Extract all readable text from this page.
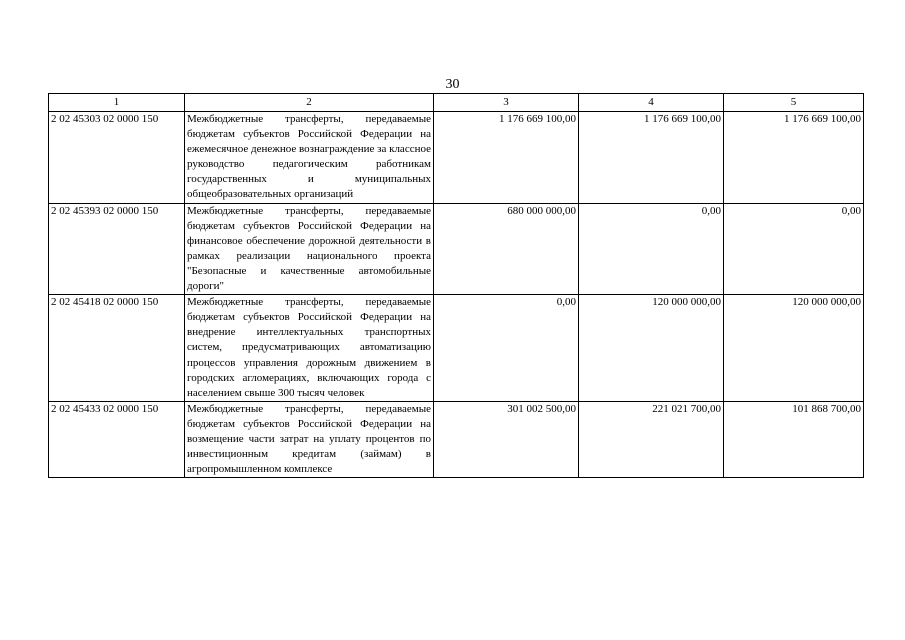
30
1	2	3	4	5
2 02 45303 02 0000 150	Межбюджетные трансферты, передаваемые бюджетам субъектов Российской Федерации на ежемесячное денежное вознаграждение за классное руководство педагогическим работникам государственных и муниципальных общеобразовательных организаций	1 176 669 100,00	1 176 669 100,00	1 176 669 100,00
2 02 45393 02 0000 150	Межбюджетные трансферты, передаваемые бюджетам субъектов Российской Федерации на финансовое обеспечение дорожной деятельности в рамках реализации национального проекта "Безопасные и качественные автомобильные дороги"	680 000 000,00	0,00	0,00
2 02 45418 02 0000 150	Межбюджетные трансферты, передаваемые бюджетам субъектов Российской Федерации на внедрение интеллектуальных транспортных систем, предусматривающих автоматизацию процессов управления дорожным движением в городских агломерациях, включающих города с населением свыше 300 тысяч человек	0,00	120 000 000,00	120 000 000,00
2 02 45433 02 0000 150	Межбюджетные трансферты, передаваемые бюджетам субъектов Российской Федерации на возмещение части затрат на уплату процентов по инвестиционным кредитам (займам) в агропромышленном комплексе	301 002 500,00	221 021 700,00	101 868 700,00
